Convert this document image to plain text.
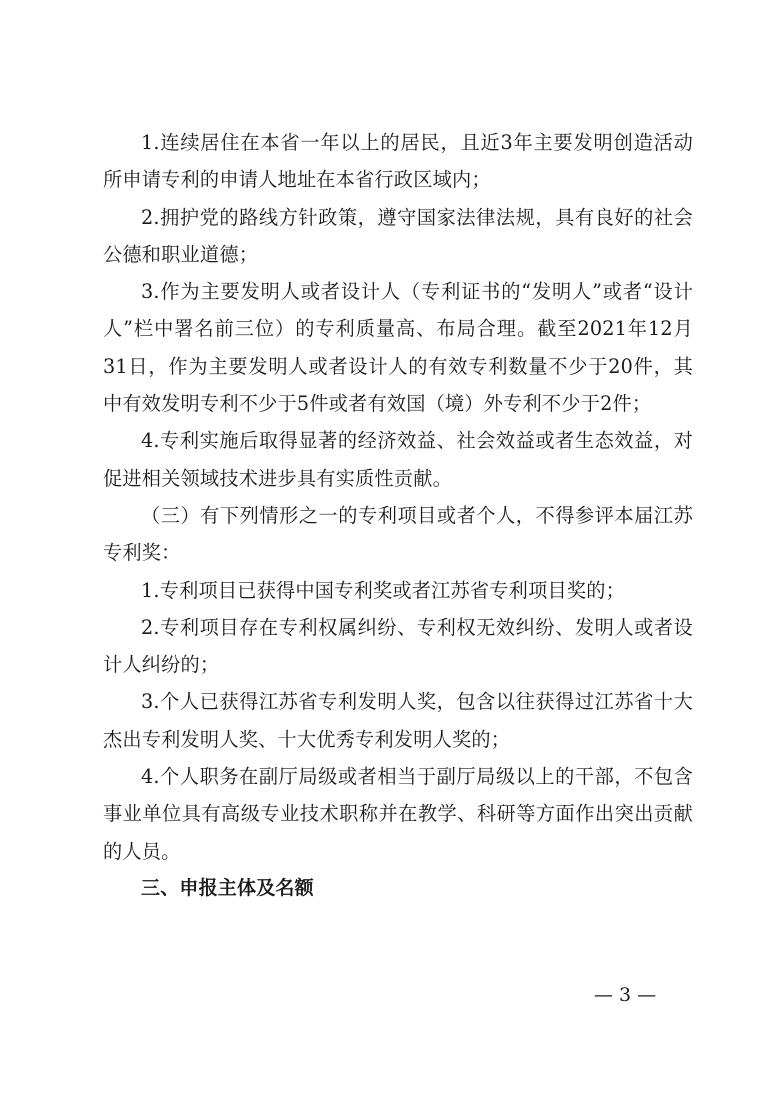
1.连续居住在本省一年以上的居民，且近3年主要发明创造活动所申请专利的申请人地址在本省行政区域内；

2.拥护党的路线方针政策，遵守国家法律法规，具有良好的社会公德和职业道德；

3.作为主要发明人或者设计人（专利证书的“发明人”或者“设计人”栏中署名前三位）的专利质量高、布局合理。截至2021年12月31日，作为主要发明人或者设计人的有效专利数量不少于20件，其中有效发明专利不少于5件或者有效国（境）外专利不少于2件；

4.专利实施后取得显著的经济效益、社会效益或者生态效益，对促进相关领域技术进步具有实质性贡献。

（三）有下列情形之一的专利项目或者个人，不得参评本届江苏专利奖：

1.专利项目已获得中国专利奖或者江苏省专利项目奖的；

2.专利项目存在专利权属纠纷、专利权无效纠纷、发明人或者设计人纠纷的；

3.个人已获得江苏省专利发明人奖，包含以往获得过江苏省十大杰出专利发明人奖、十大优秀专利发明人奖的；

4.个人职务在副厅局级或者相当于副厅局级以上的干部，不包含事业单位具有高级专业技术职称并在教学、科研等方面作出突出贡献的人员。

三、申报主体及名额

— 3 —
